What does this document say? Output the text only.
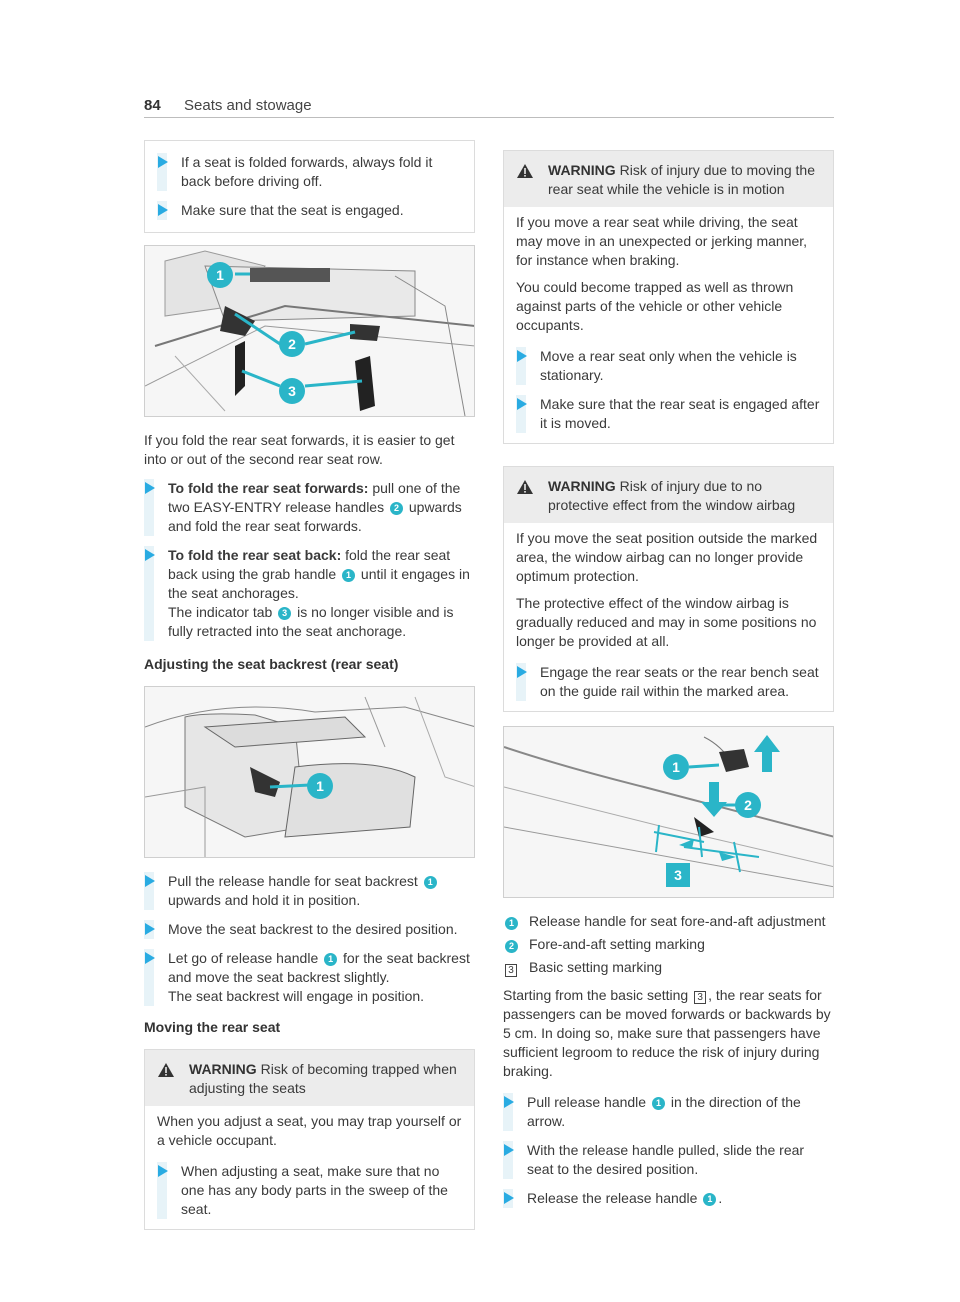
84 Seats and stowage
If a seat is folded forwards, always fold it back before driving off.
Make sure that the seat is engaged.
1
2
3

If you fold the rear seat forwards, it is easier to get into or out of the second rear seat row.

To fold the rear seat forwards: pull one of the two EASY-ENTRY release handles 2 upwards and fold the rear seat forwards.
To fold the rear seat back: fold the rear seat back using the grab handle 1 until it engages in the seat anchorages.
The indicator tab 3 is no longer visible and is fully retracted into the seat anchorage.
Adjusting the seat backrest (rear seat)
1
Pull the release handle for seat backrest 1 upwards and hold it in position.
Move the seat backrest to the desired position.
Let go of release handle 1 for the seat backrest and move the seat backrest slightly.
The seat backrest will engage in position.
Moving the rear seat
WARNING Risk of becoming trapped when adjusting the seats

When you adjust a seat, you may trap yourself or a vehicle occupant.

When adjusting a seat, make sure that no one has any body parts in the sweep of the seat.
WARNING Risk of injury due to moving the rear seat while the vehicle is in motion

If you move a rear seat while driving, the seat may move in an unexpected or jerking manner, for instance when braking.

You could become trapped as well as thrown against parts of the vehicle or other vehicle occupants.

Move a rear seat only when the vehicle is stationary.
Make sure that the rear seat is engaged after it is moved.
WARNING Risk of injury due to no protective effect from the window airbag

If you move the seat position outside the marked area, the window airbag can no longer provide optimum protection.

The protective effect of the window airbag is gradually reduced and may in some positions no longer be provided at all.

Engage the rear seats or the rear bench seat on the guide rail within the marked area.
1
2
3
1	Release handle for seat fore-and-aft adjustment
2	Fore-and-aft setting marking
3	Basic setting marking

Starting from the basic setting 3 , the rear seats for passengers can be moved forwards or backwards by 5 cm. In doing so, make sure that passengers have sufficient legroom to reduce the risk of injury during braking.

Pull release handle 1 in the direction of the arrow.
With the release handle pulled, slide the rear seat to the desired position.
Release the release handle 1 .
